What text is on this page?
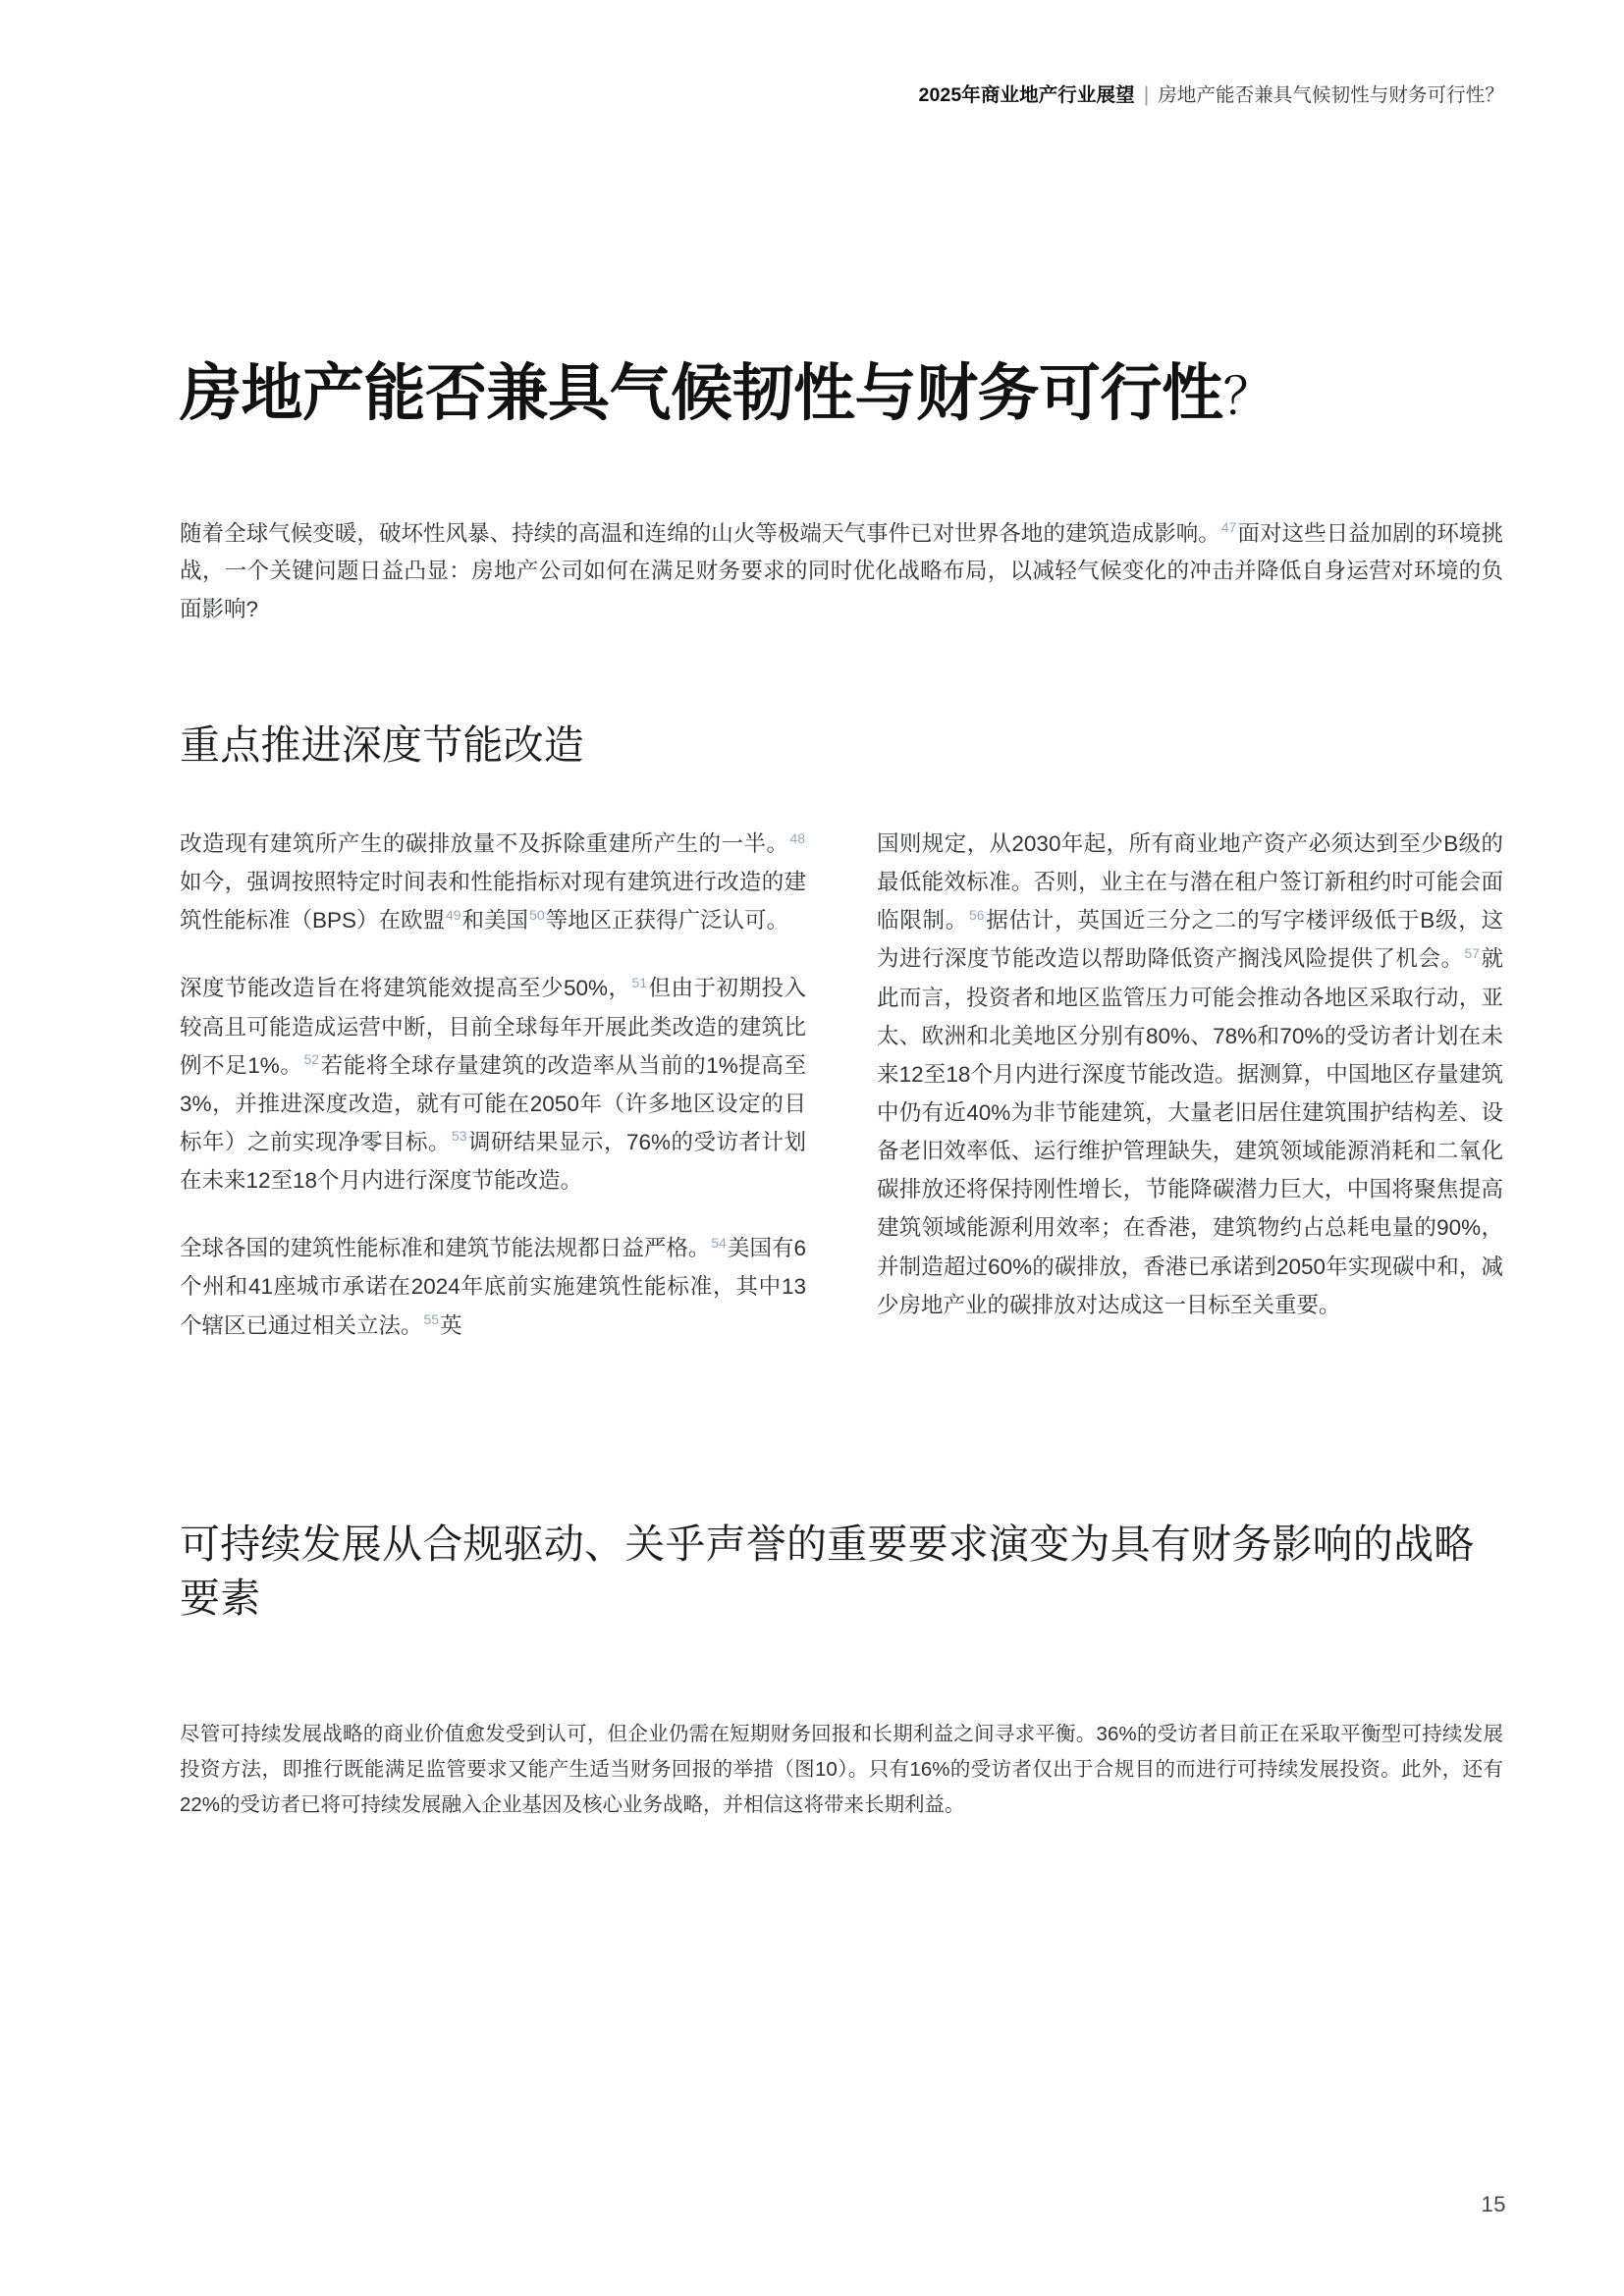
2025年商业地产行业展望 | 房地产能否兼具气候韧性与财务可行性？
房地产能否兼具气候韧性与财务可行性？

随着全球气候变暖，破坏性风暴、持续的高温和连绵的山火等极端天气事件已对世界各地的建筑造成影响。$^{47}$面对这些日益加剧的环境挑战，一个关键问题日益凸显：房地产公司如何在满足财务要求的同时优化战略布局，以减轻气候变化的冲击并降低自身运营对环境的负面影响?

重点推进深度节能改造

改造现有建筑所产生的碳排放量不及拆除重建所产生的一半。$^{48}$如今，强调按照特定时间表和性能指标对现有建筑进行改造的建筑性能标准（BPS）在欧盟$^{49}$和美国$^{50}$等地区正获得广泛认可。

深度节能改造旨在将建筑能效提高至少50%，$^{51}$但由于初期投入较高且可能造成运营中断，目前全球每年开展此类改造的建筑比例不足1%。$^{52}$若能将全球存量建筑的改造率从当前的1%提高至3%，并推进深度改造，就有可能在2050年（许多地区设定的目标年）之前实现净零目标。$^{53}$调研结果显示，76%的受访者计划在未来12至18个月内进行深度节能改造。

全球各国的建筑性能标准和建筑节能法规都日益严格。$^{54}$美国有6个州和41座城市承诺在2024年底前实施建筑性能标准，其中13个辖区已通过相关立法。$^{55}$英

国则规定，从2030年起，所有商业地产资产必须达到至少B级的最低能效标准。否则，业主在与潜在租户签订新租约时可能会面临限制。$^{56}$据估计，英国近三分之二的写字楼评级低于B级，这为进行深度节能改造以帮助降低资产搁浅风险提供了机会。$^{57}$就此而言，投资者和地区监管压力可能会推动各地区采取行动，亚太、欧洲和北美地区分别有80%、78%和70%的受访者计划在未来12至18个月内进行深度节能改造。据测算，中国地区存量建筑中仍有近40%为非节能建筑，大量老旧居住建筑围护结构差、设备老旧效率低、运行维护管理缺失，建筑领域能源消耗和二氧化碳排放还将保持刚性增长，节能降碳潜力巨大，中国将聚焦提高建筑领域能源利用效率；在香港，建筑物约占总耗电量的90%，并制造超过60%的碳排放，香港已承诺到2050年实现碳中和，减少房地产业的碳排放对达成这一目标至关重要。

可持续发展从合规驱动、关乎声誉的重要要求演变为具有财务影响的战略要素

尽管可持续发展战略的商业价值愈发受到认可，但企业仍需在短期财务回报和长期利益之间寻求平衡。36%的受访者目前正在采取平衡型可持续发展投资方法，即推行既能满足监管要求又能产生适当财务回报的举措（图10）。只有16%的受访者仅出于合规目的而进行可持续发展投资。此外，还有22%的受访者已将可持续发展融入企业基因及核心业务战略，并相信这将带来长期利益。

15
